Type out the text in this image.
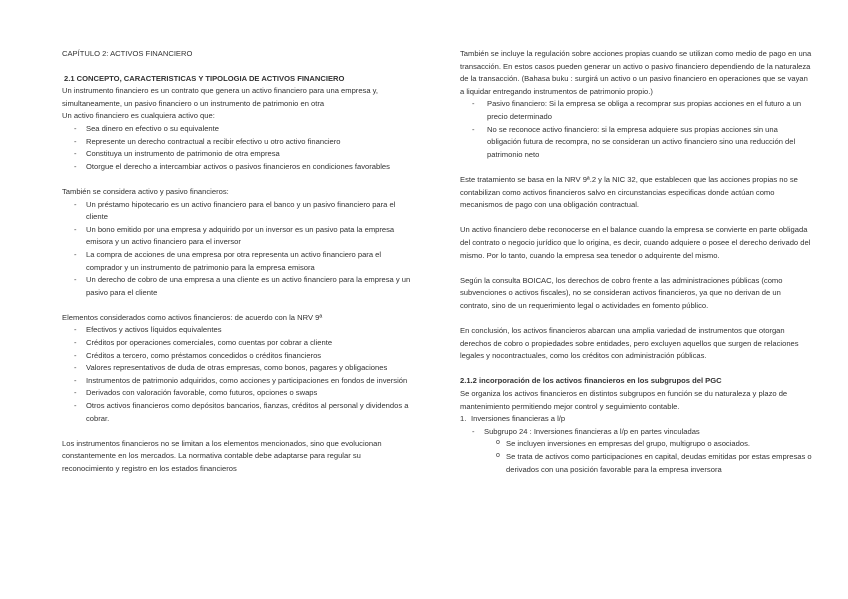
CAPÍTULO 2: ACTIVOS FINANCIERO

2.1 CONCEPTO, CARACTERISTICAS Y TIPOLOGIA DE ACTIVOS FINANCIERO

Un instrumento financiero es un contrato que genera un activo financiero para una empresa y, simultaneamente, un pasivo financiero o un instrumento de patrimonio en otra

Un activo financiero es cualquiera activo que:

- Sea dinero en efectivo o su equivalente
- Represente un derecho contractual a recibir efectivo u otro activo financiero
- Constituya un instrumento de patrimonio de otra empresa
- Otorgue el derecho a intercambiar activos o pasivos financieros en condiciones favorables

También se considera activo y pasivo financieros:

- Un préstamo hipotecario es un activo financiero para el banco y un pasivo financiero para el cliente
- Un bono emitido por una empresa y adquirido por un inversor es un pasivo pata la empresa emisora y un activo financiero para el inversor
- La compra de acciones de una empresa por otra representa un activo financiero para el comprador y un instrumento de patrimonio para la empresa emisora
- Un derecho de cobro de una empresa a una cliente es un activo financiero para la empresa y un pasivo para el cliente

Elementos considerados como activos financieros: de acuerdo con la NRV 9ª

- Efectivos y activos líquidos equivalentes
- Créditos por operaciones comerciales, como cuentas por cobrar a cliente
- Créditos a tercero, como préstamos concedidos o créditos financieros
- Valores representativos de duda de otras empresas, como bonos, pagares y obligaciones
- Instrumentos de patrimonio adquiridos, como acciones y participaciones en fondos de inversión
- Derivados con valoración favorable, como futuros, opciones o swaps
- Otros activos financieros como depósitos bancarios, fianzas, créditos al personal y dividendos a cobrar.

Los instrumentos financieros no se limitan a los elementos mencionados, sino que evolucionan constantemente en los mercados. La normativa contable debe adaptarse para regular su reconocimiento y registro en los estados financieros

También se incluye la regulación sobre acciones propias cuando se utilizan como medio de pago en una transacción. En estos casos pueden generar un activo o pasivo financiero dependiendo de la naturaleza de la transacción. (Bahasa buku : surgirá un activo o un pasivo financiero en operaciones que se vayan a liquidar entregando instrumentos de patrimonio propio.)

- Pasivo financiero: Si la empresa se obliga a recomprar sus propias acciones en el futuro a un precio determinado
- No se reconoce activo financiero: si la empresa adquiere sus propias acciones sin una obligación futura de recompra, no se consideran un activo financiero sino una reducción del patrimonio neto

Este tratamiento se basa en la NRV 9ª.2 y la NIC 32, que establecen que las acciones propias no se contabilizan como activos financieros salvo en circunstancias especificas donde actúan como mecanismos de pago con una obligación contractual.

Un activo financiero debe reconocerse en el balance cuando la empresa se convierte en parte obligada del contrato o negocio jurídico que lo origina, es decir, cuando adquiere o posee el derecho derivado del mismo. Por lo tanto, cuando la empresa sea tenedor o adquirente del mismo.

Según la consulta BOICAC, los derechos de cobro frente a las administraciones públicas (como subvenciones o activos fiscales), no se consideran activos financieros, ya que no derivan de un contrato, sino de un requerimiento legal o actividades en fomento público.

En conclusión, los activos financieros abarcan una amplia variedad de instrumentos que otorgan derechos de cobro o propiedades sobre entidades, pero excluyen aquellos que surgen de relaciones legales y nocontractuales, como los créditos con administración públicas.

2.1.2 incorporación de los activos financieros en los subgrupos del PGC

Se organiza los activos financieros en distintos subgrupos en función se du naturaleza y plazo de mantenimiento permitiendo mejor control y seguimiento contable.

1. Inversiones financieras a l/p

- Subgrupo 24 : Inversiones financieras a l/p en partes vinculadas

o Se incluyen inversiones en empresas del grupo, multigrupo o asociados.
o Se trata de activos como participaciones en capital, deudas emitidas por estas empresas o derivados con una posición favorable para la empresa inversora
